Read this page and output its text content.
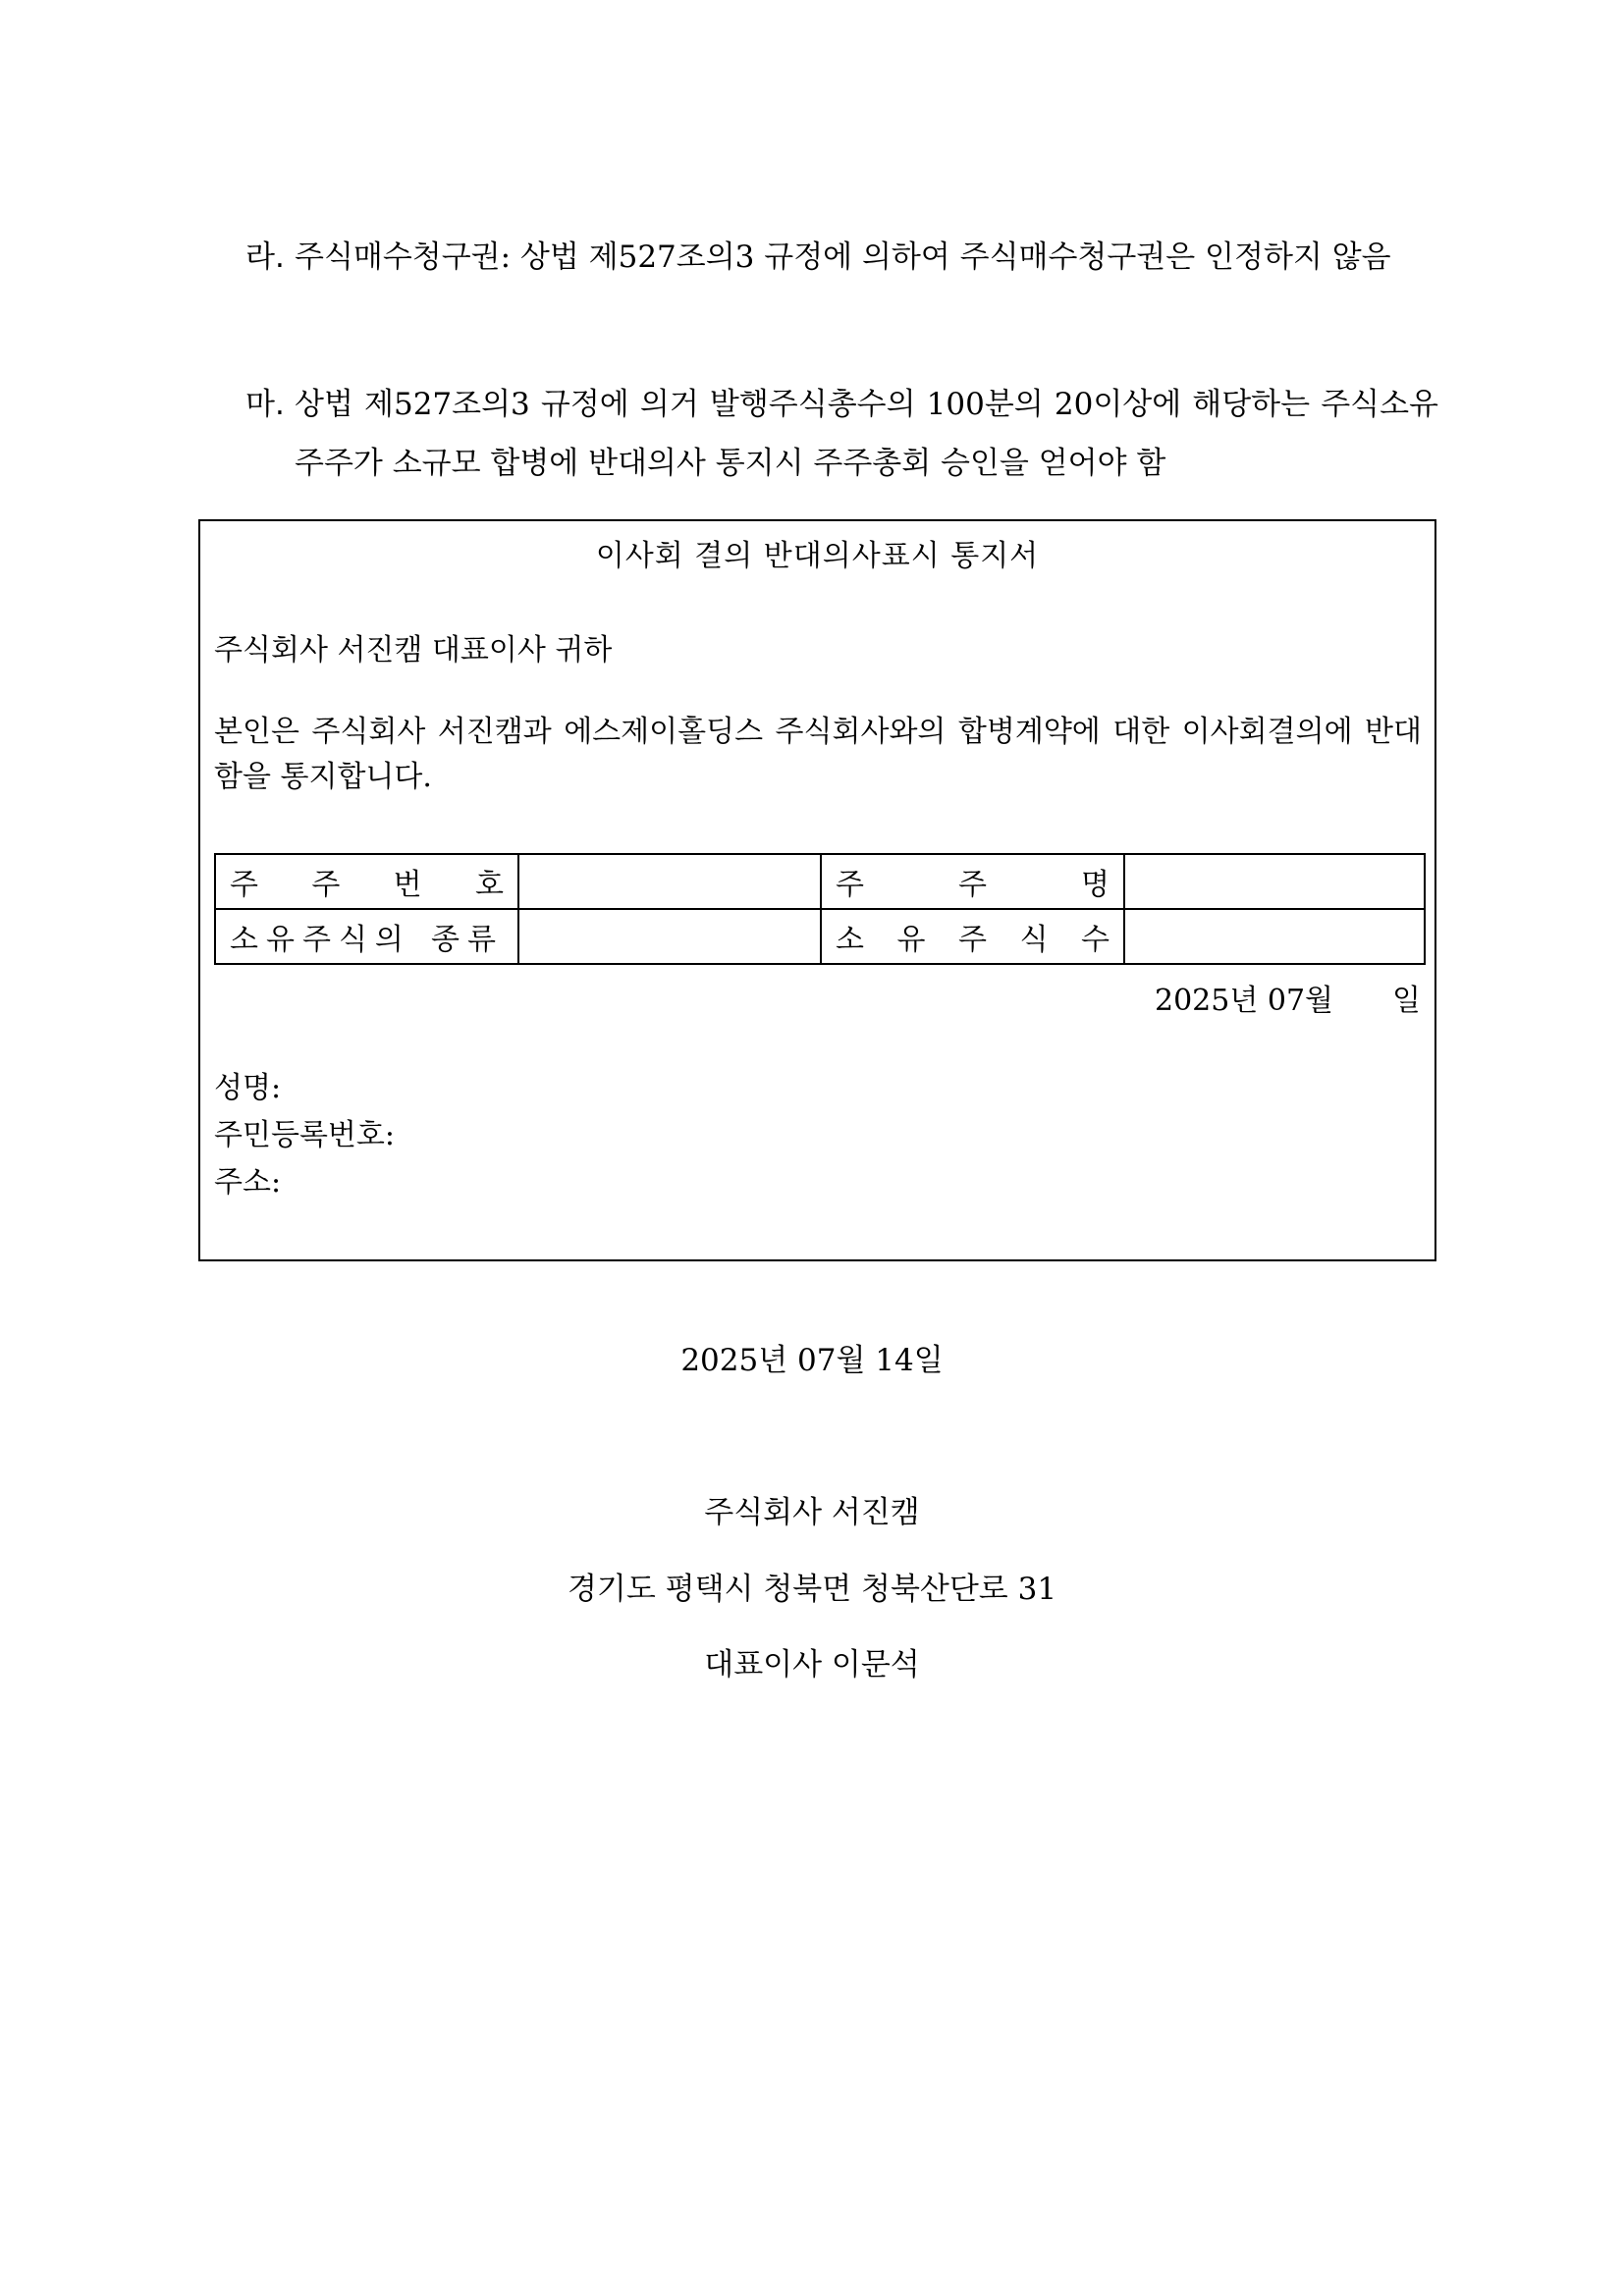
라. 주식매수청구권: 상법 제527조의3 규정에 의하여 주식매수청구권은 인정하지 않음
마. 상법 제527조의3 규정에 의거 발행주식총수의 100분의 20이상에 해당하는 주식소유주주가 소규모 합병에 반대의사 통지시 주주총회 승인을 얻어야 함
이사회 결의 반대의사표시 통지서
주식회사 서진캠 대표이사 귀하
본인은 주식회사 서진캠과 에스제이홀딩스 주식회사와의 합병계약에 대한 이사회결의에 반대함을 통지합니다.
주 주 번 호		주 주 명	

소유주식의 종류		소 유 주 식 수	

2025년 07월　　일
성명:
주민등록번호:
주소:
2025년 07월 14일
주식회사 서진캠
경기도 평택시 청북면 청북산단로 31
대표이사 이문석
